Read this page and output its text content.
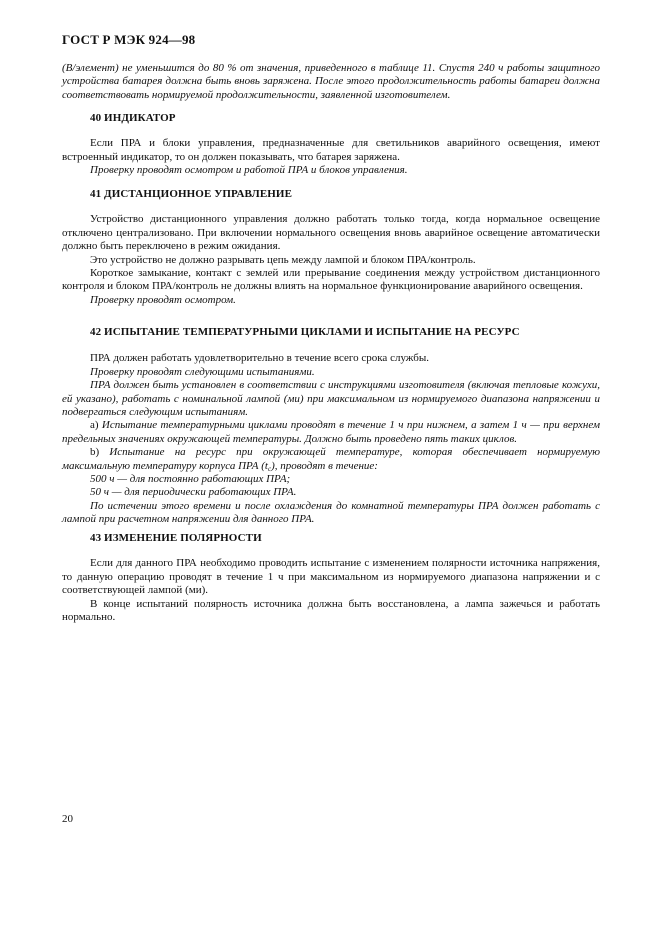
ГОСТ Р МЭК 924—98

(В/элемент) не уменьшится до 80 % от значения, приведенного в таблице 11. Спустя 240 ч работы защитного устройства батарея должна быть вновь заряжена. После этого продолжительность работы батареи должна соответствовать нормируемой продолжительности, заявленной изготовителем.

40 ИНДИКАТОР

Если ПРА и блоки управления, предназначенные для светильников аварийного освещения, имеют встроенный индикатор, то он должен показывать, что батарея заряжена.

Проверку проводят осмотром и работой ПРА и блоков управления.

41 ДИСТАНЦИОННОЕ УПРАВЛЕНИЕ

Устройство дистанционного управления должно работать только тогда, когда нормальное освещение отключено централизовано. При включении нормального освещения вновь аварийное освещение автоматически должно быть переключено в режим ожидания.

Это устройство не должно разрывать цепь между лампой и блоком ПРА/контроль.

Короткое замыкание, контакт с землей или прерывание соединения между устройством дистанционного контроля и блоком ПРА/контроль не должны влиять на нормальное функционирование аварийного освещения.

Проверку проводят осмотром.

42 ИСПЫТАНИЕ ТЕМПЕРАТУРНЫМИ ЦИКЛАМИ И ИСПЫТАНИЕ НА РЕСУРС

ПРА должен работать удовлетворительно в течение всего срока службы.

Проверку проводят следующими испытаниями.

ПРА должен быть установлен в соответствии с инструкциями изготовителя (включая тепловые кожухи, ей указано), работать с номинальной лампой (ми) при максимальном из нормируемого диапазона напряжении и подвергаться следующим испытаниям.

a) Испытание температурными циклами проводят в течение 1 ч при нижнем, а затем 1 ч — при верхнем предельных значениях окружающей температуры. Должно быть проведено пять таких циклов.

b) Испытание на ресурс при окружающей температуре, которая обеспечивает нормируемую максимальную температуру корпуса ПРА $(t_c)$, проводят в течение:

500 ч — для постоянно работающих ПРА;

50 ч — для периодически работающих ПРА.

По истечении этого времени и после охлаждения до комнатной температуры ПРА должен работать с лампой при расчетном напряжении для данного ПРА.

43 ИЗМЕНЕНИЕ ПОЛЯРНОСТИ

Если для данного ПРА необходимо проводить испытание с изменением полярности источника напряжения, то данную операцию проводят в течение 1 ч при максимальном из нормируемого диапазона напряжении и с соответствующей лампой (ми).

В конце испытаний полярность источника должна быть восстановлена, а лампа зажечься и работать нормально.

20
